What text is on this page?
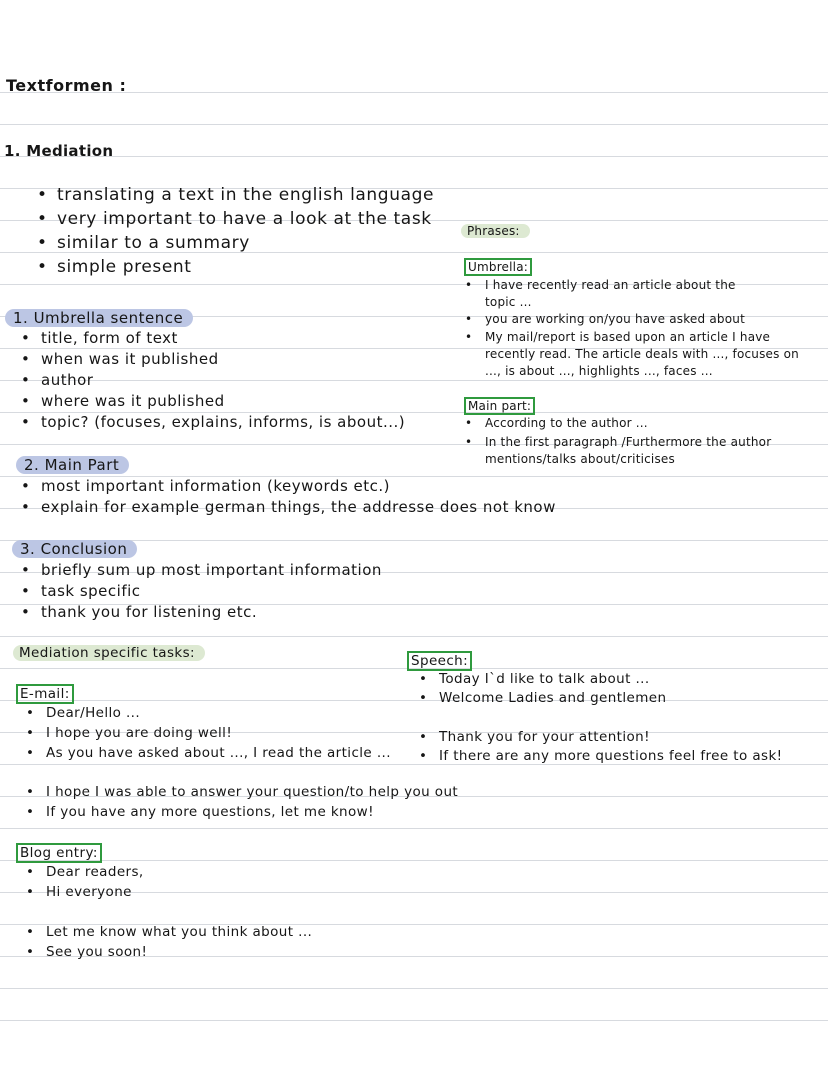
Textformen :
1. Mediation
• translating a text in the english language
• very important to have a look at the task
• similar to a summary
• simple present
1. Umbrella sentence
• title, form of text
• when was it published
• author
• where was it published
• topic? (focuses, explains, informs, is about...)
2. Main Part
• most important information (keywords etc.)
• explain for example german things, the addresse does not know
3. Conclusion
• briefly sum up most important information
• task specific
• thank you for listening etc.
Phrases:
Umbrella:
• I have recently read an article about the topic ...
• you are working on/you have asked about
• My mail/report is based upon an article I have recently read. The article deals with ..., focuses on ..., is about ..., highlights ..., faces ...
Main part:
• According to the author ...
• In the first paragraph /Furthermore the author mentions/talks about/criticises
Mediation specific tasks:	Speech:
• Today I`d like to talk about ...
• Welcome Ladies and gentlemen
• Thank you for your attention!
• If there are any more questions feel free to ask!
E-mail:
• Dear/Hello ...
• I hope you are doing well!
• As you have asked about ..., I read the article ...
• I hope I was able to answer your question/to help you out
• If you have any more questions, let me know!
Blog entry:
• Dear readers,
• Hi everyone
• Let me know what you think about ...
• See you soon!
